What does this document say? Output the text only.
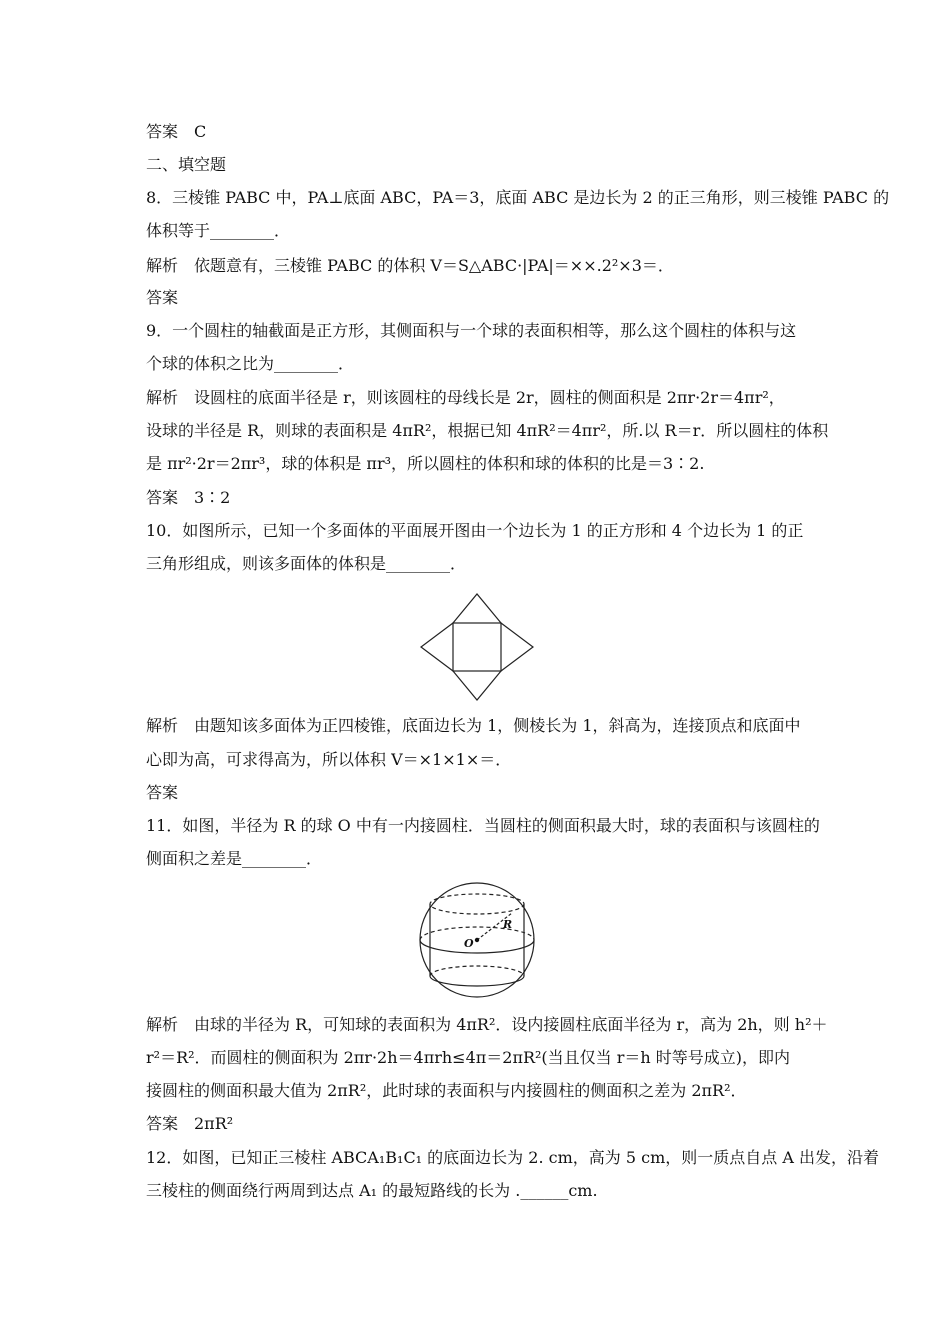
答案　C
二、填空题
8．三棱锥 PABC 中，PA⊥底面 ABC，PA＝3，底面 ABC 是边长为 2 的正三角形，则三棱锥 PABC 的
体积等于________．
解析　依题意有，三棱锥 PABC 的体积 V＝S△ABC·|PA|＝××.2²×3＝．
答案
9．一个圆柱的轴截面是正方形，其侧面积与一个球的表面积相等，那么这个圆柱的体积与这
个球的体积之比为________．
解析　设圆柱的底面半径是 r，则该圆柱的母线长是 2r，圆柱的侧面积是 2πr·2r＝4πr²，
设球的半径是 R，则球的表面积是 4πR²，根据已知 4πR²＝4πr²，所.以 R＝r．所以圆柱的体积
是 πr²·2r＝2πr³，球的体积是 πr³，所以圆柱的体积和球的体积的比是＝3∶2.
答案　3∶2
10．如图所示，已知一个多面体的平面展开图由一个边长为 1 的正方形和 4 个边长为 1 的正
三角形组成，则该多面体的体积是________．
解析　由题知该多面体为正四棱锥，底面边长为 1，侧棱长为 1，斜高为，连接顶点和底面中
心即为高，可求得高为，所以体积 V＝×1×1×＝．
答案
11．如图，半径为 R 的球 O 中有一内接圆柱．当圆柱的侧面积最大时，球的表面积与该圆柱的
侧面积之差是________．
R
O
解析　由球的半径为 R，可知球的表面积为 4πR²．设内接圆柱底面半径为 r，高为 2h，则 h²＋
r²＝R²．而圆柱的侧面积为 2πr·2h＝4πrh≤4π＝2πR²(当且仅当 r＝h 时等号成立)，即内
接圆柱的侧面积最大值为 2πR²，此时球的表面积与内接圆柱的侧面积之差为 2πR²．
答案　2πR²
12．如图，已知正三棱柱 ABCA₁B₁C₁ 的底面边长为 2. cm，高为 5 cm，则一质点自点 A 出发，沿着
三棱柱的侧面绕行两周到达点 A₁ 的最短路线的长为 .______cm.
